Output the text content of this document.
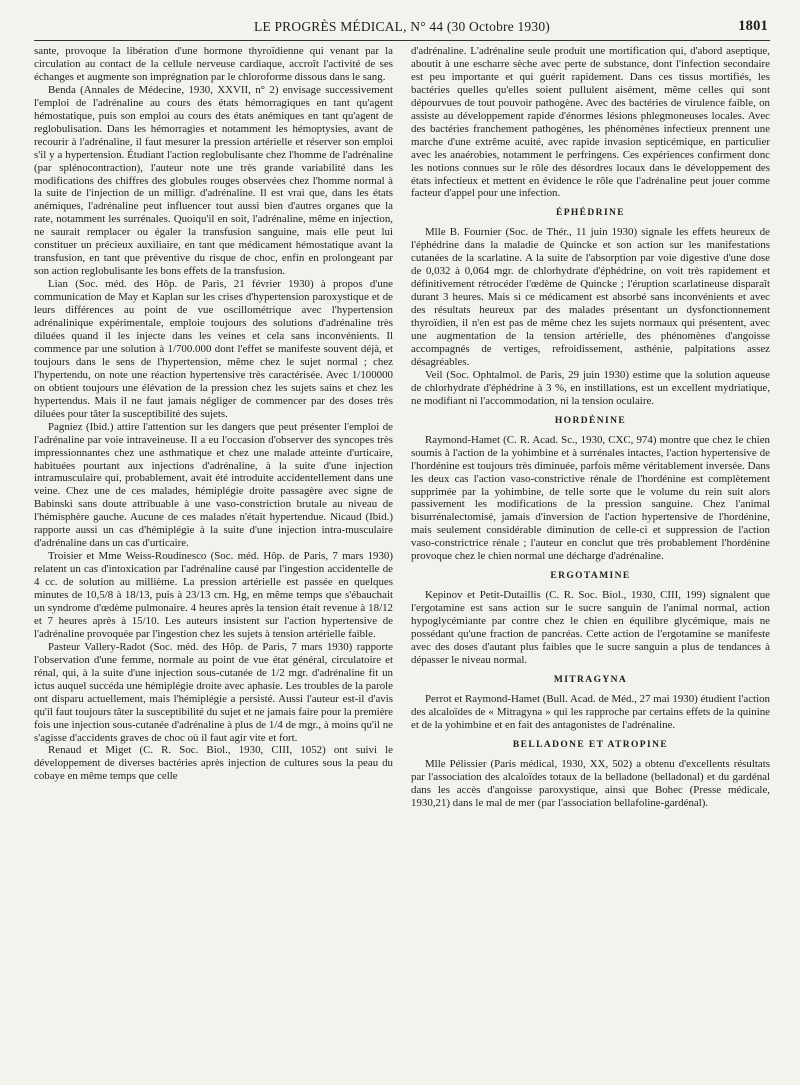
LE PROGRÈS MÉDICAL, N° 44 (30 Octobre 1930)	1801

sante, provoque la libération d'une hormone thyroïdienne qui venant par la circulation au contact de la cellule nerveuse cardiaque, accroît l'activité de ses échanges et augmente son imprégnation par le chloroforme dissous dans le sang.

Benda (Annales de Médecine, 1930, XXVII, n° 2) envisage successivement l'emploi de l'adrénaline au cours des états hémorragiques en tant qu'agent hémostatique, puis son emploi au cours des états anémiques en tant qu'agent de reglobulisation. Dans les hémorragies et notamment les hémoptysies, avant de recourir à l'adrénaline, il faut mesurer la pression artérielle et réserver son emploi s'il y a hypertension. Étudiant l'action reglobulisante chez l'homme de l'adrénaline (par splénocontraction), l'auteur note une très grande variabilité dans les modifications des chiffres des globules rouges observées chez l'homme normal à la suite de l'injection de un milligr. d'adrénaline. Il est vrai que, dans les états anémiques, l'adrénaline peut influencer tout aussi bien d'autres organes que la rate, notamment les surrénales. Quoiqu'il en soit, l'adrénaline, même en injection, ne saurait remplacer ou égaler la transfusion sanguine, mais elle peut lui constituer un précieux auxiliaire, en tant que médicament hémostatique avant la transfusion, en tant que préventive du risque de choc, enfin en prolongeant par son action reglobulisante les bons effets de la transfusion.

Lian (Soc. méd. des Hôp. de Paris, 21 février 1930) à propos d'une communication de May et Kaplan sur les crises d'hypertension paroxystique et de leurs différences au point de vue oscillométrique avec l'hypertension adrénalinique expérimentale, emploie toujours des solutions d'adrénaline très diluées quand il les injecte dans les veines et cela sans inconvénients. Il commence par une solution à 1/700.000 dont l'effet se manifeste souvent déjà, et toujours dans le sens de l'hypertension, même chez le sujet normal ; chez l'hypertendu, on note une réaction hypertensive très caractérisée. Avec 1/100000 on obtient toujours une élévation de la pression chez les sujets sains et chez les hypertendus. Mais il ne faut jamais négliger de commencer par des doses très diluées pour tâter la susceptibilité des sujets.

Pagniez (Ibid.) attire l'attention sur les dangers que peut présenter l'emploi de l'adrénaline par voie intraveineuse. Il a eu l'occasion d'observer des syncopes très impressionnantes chez une asthmatique et chez une malade atteinte d'urticaire, habituées pourtant aux injections d'adrénaline, à la suite d'une injection intramusculaire qui, probablement, avait été introduite accidentellement dans une veine. Chez une de ces malades, hémiplégie droite passagère avec signe de Babinski sans doute attribuable à une vaso-constriction brutale au niveau de l'hémisphère gauche. Aucune de ces malades n'était hypertendue. Nicaud (Ibid.) rapporte aussi un cas d'hémiplégie à la suite d'une injection intra-musculaire d'adrénaline dans un cas d'urticaire.

Troisier et Mme Weiss-Roudinesco (Soc. méd. Hôp. de Paris, 7 mars 1930) relatent un cas d'intoxication par l'adrénaline causé par l'ingestion accidentelle de 4 cc. de solution au millième. La pression artérielle est passée en quelques minutes de 10,5/8 à 18/13, puis à 23/13 cm. Hg, en même temps que s'ébauchait un syndrome d'œdème pulmonaire. 4 heures après la tension était revenue à 18/12 et 7 heures après à 15/10. Les auteurs insistent sur l'action hypertensive de l'adrénaline provoquée par l'ingestion chez les sujets à tension artérielle faible.

Pasteur Vallery-Radot (Soc. méd. des Hôp. de Paris, 7 mars 1930) rapporte l'observation d'une femme, normale au point de vue état général, circulatoire et rénal, qui, à la suite d'une injection sous-cutanée de 1/2 mgr. d'adrénaline fit un ictus auquel succéda une hémiplégie droite avec aphasie. Les troubles de la parole ont disparu actuellement, mais l'hémiplégie a persisté. Aussi l'auteur est-il d'avis qu'il faut toujours tâter la susceptibilité du sujet et ne jamais faire pour la première fois une injection sous-cutanée d'adrénaline à plus de 1/4 de mgr., à moins qu'il ne s'agisse d'accidents graves de choc où il faut agir vite et fort.

Renaud et Miget (C. R. Soc. Biol., 1930, CIII, 1052) ont suivi le développement de diverses bactéries après injection de cultures sous la peau du cobaye en même temps que celle

d'adrénaline. L'adrénaline seule produit une mortification qui, d'abord aseptique, aboutit à une escharre sèche avec perte de substance, dont l'infection secondaire est peu importante et qui guérit rapidement. Dans ces tissus mortifiés, les bactéries quelles qu'elles soient pullulent aisément, même celles qui sont dépourvues de tout pouvoir pathogène. Avec des bactéries de virulence faible, on assiste au développement rapide d'énormes lésions phlegmoneuses locales. Avec des bactéries franchement pathogènes, les phénomènes infectieux prennent une marche d'une extrême acuité, avec rapide invasion septicémique, en particulier avec les anaérobies, notamment le perfringens. Ces expériences confirment donc les notions connues sur le rôle des désordres locaux dans le développement des états infectieux et mettent en évidence le rôle que l'adrénaline peut jouer comme facteur d'appel pour une infection.

ÉPHÉDRINE

Mlle B. Fournier (Soc. de Thér., 11 juin 1930) signale les effets heureux de l'éphédrine dans la maladie de Quincke et son action sur les manifestations cutanées de la scarlatine. A la suite de l'absorption par voie digestive d'une dose de 0,032 à 0,064 mgr. de chlorhydrate d'éphédrine, on voit très rapidement et définitivement rétrocéder l'œdème de Quincke ; l'éruption scarlatineuse disparaît durant 3 heures. Mais si ce médicament est absorbé sans inconvénients et avec des résultats heureux par des malades présentant un dysfonctionnement thyroïdien, il n'en est pas de même chez les sujets normaux qui présentent, avec une augmentation de la tension artérielle, des phénomènes d'angoisse accompagnés de vertiges, refroidissement, asthénie, palpitations assez désagréables.

Veil (Soc. Ophtalmol. de Paris, 29 juin 1930) estime que la solution aqueuse de chlorhydrate d'éphédrine à 3 %, en instillations, est un excellent mydriatique, ne modifiant ni l'accommodation, ni la tension oculaire.

HORDÉNINE

Raymond-Hamet (C. R. Acad. Sc., 1930, CXC, 974) montre que chez le chien soumis à l'action de la yohimbine et à surrénales intactes, l'action hypertensive de l'hordénine est toujours très diminuée, parfois même véritablement inversée. Dans les deux cas l'action vaso-constrictive rénale de l'hordénine est complètement supprimée par la yohimbine, de telle sorte que le volume du rein suit alors passivement les modifications de la pression sanguine. Chez l'animal bisurrénalectomisé, jamais d'inversion de l'action hypertensive de l'hordénine, mais seulement considérable diminution de celle-ci et suppression de l'action vaso-constrictrice rénale ; l'auteur en conclut que très probablement l'hordénine provoque chez le chien normal une décharge d'adrénaline.

ERGOTAMINE

Kepinov et Petit-Dutaillis (C. R. Soc. Biol., 1930, CIII, 199) signalent que l'ergotamine est sans action sur le sucre sanguin de l'animal normal, action hypoglycémiante par contre chez le chien en équilibre glycémique, mais ne possédant qu'une fraction de pancréas. Cette action de l'ergotamine se manifeste avec des doses d'autant plus faibles que le sucre sanguin a plus de tendances à dépasser le niveau normal.

MITRAGYNA

Perrot et Raymond-Hamet (Bull. Acad. de Méd., 27 mai 1930) étudient l'action des alcaloïdes de « Mitragyna » qui les rapproche par certains effets de la quinine et de la yohimbine et en fait des antagonistes de l'adrénaline.

BELLADONE ET ATROPINE

Mlle Pélissier (Paris médical, 1930, XX, 502) a obtenu d'excellents résultats par l'association des alcaloïdes totaux de la belladone (belladonal) et du gardénal dans les accès d'angoisse paroxystique, ainsi que Bohec (Presse médicale, 1930,21) dans le mal de mer (par l'association bellafoline-gardénal).
